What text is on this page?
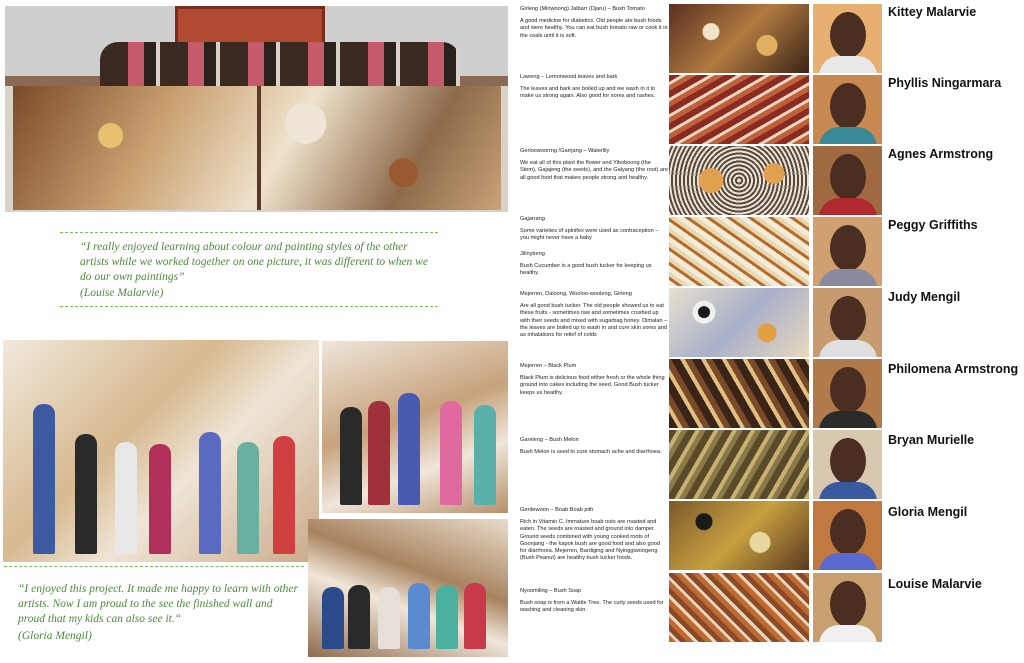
“I really enjoyed learning about colour and painting styles of the other artists while we worked together on one picture, it was different to when we do our own paintings”
(Louise Malarvie)
“I enjoyed this project. It made me happy to learn with other artists. Now I am proud to the see the finished wall and proud that my kids can also see it.“
(Gloria Mengil)
Girleng (Miriwoong) Jalbarr (Djaru) – Bush Tomato
A good medicine for diabetics. Old people ate bush foods and were healthy. You can eat bush tomato raw or cook it in the coals until it is soft.
Laweng – Lemonwood leaves and bark
The leaves and bark are boiled up and we wash in it to make us strong again. Also good for sores and rashes.
Gerloowoorrng /Garrjang – Waterlily
We eat all of this plant the flower and Yiboboong (the Stem), Gajajeng (the seeds), and the Galyang (the root) are all good food that makes people strong and healthy.
Gajarrang
Some varieties of spinifex were used as contraception – you might never have a baby
Jilinybeng
Bush Cucumber is a good bush tucker for keeping us healthy.
Mejerren, Daloong, Wooloo-wooleng, Girleng
Are all good bush tucker. The old people showed us to eat these fruits - sometimes raw and sometimes crushed up with their seeds and mixed with sugarbag honey. Dimalan – the leaves are boiled up to wash in and cure skin sores and as inhalations for relief of colds
Mejerren – Black Plum
Black Plum is delicious food either fresh or the whole thing ground into cakes including the seed. Good Bush tucker keeps us healthy.
Gareleng – Bush Melon
Bush Melon is used to cure stomach ache and diarrhoea.
Gerdewoon – Boab Boab pith
Rich in Vitamin C. Immature boab nuts are roasted and eaten. The seeds are roasted and ground into damper. Ground seeds combined with young cooked roots of Goonjang - the kapok bush are good food and also good for diarrhoea. Mejerren, Bardiging and Nyinggiwoogeng (Bush Peanut) are healthy bush tucker foods.
Nyoomiling – Bush Soap
Bush soap is from a Wattle Tree. The curly seeds used for washing and cleaning skin.
Kittey Malarvie
Phyllis Ningarmara
Agnes Armstrong
Peggy Griffiths
Judy Mengil
Philomena Armstrong
Bryan Murielle
Gloria Mengil
Louise Malarvie
